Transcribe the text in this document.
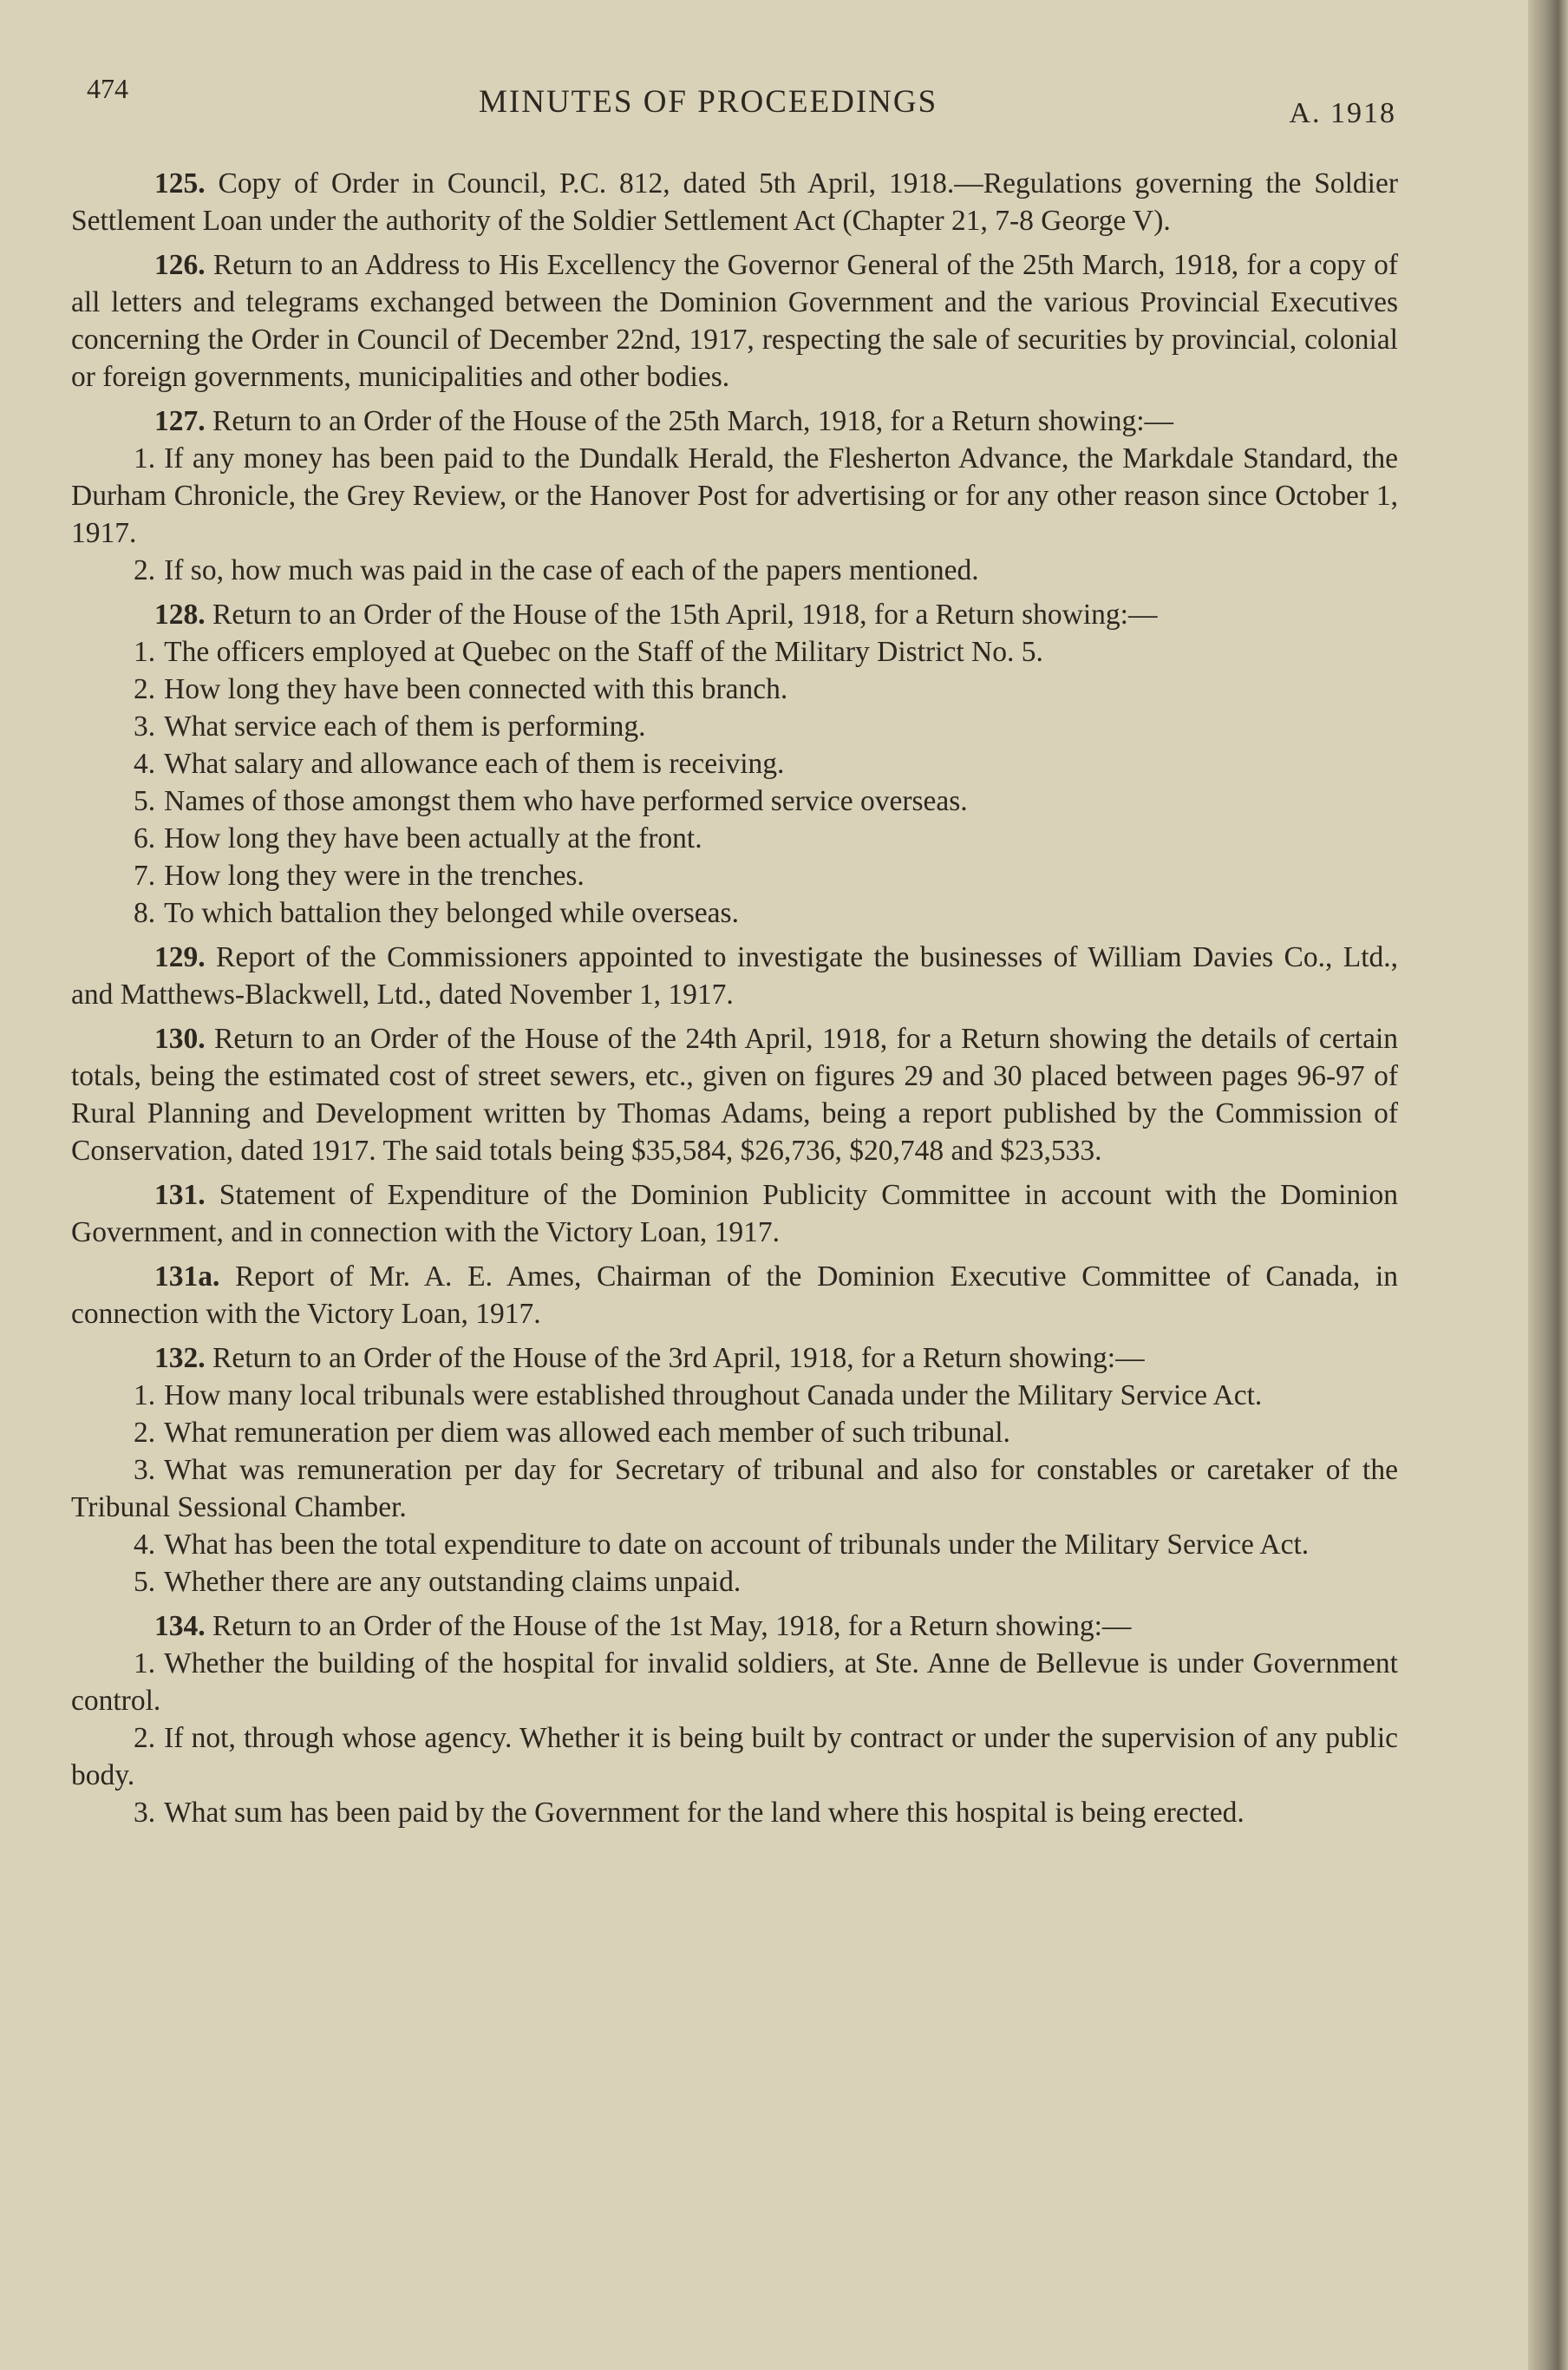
474	MINUTES OF PROCEEDINGS	A. 1918

125. Copy of Order in Council, P.C. 812, dated 5th April, 1918.—Regulations governing the Soldier Settlement Loan under the authority of the Soldier Settlement Act (Chapter 21, 7-8 George V).

126. Return to an Address to His Excellency the Governor General of the 25th March, 1918, for a copy of all letters and telegrams exchanged between the Dominion Government and the various Provincial Executives concerning the Order in Council of December 22nd, 1917, respecting the sale of securities by provincial, colonial or foreign governments, municipalities and other bodies.

127. Return to an Order of the House of the 25th March, 1918, for a Return showing:—

1. If any money has been paid to the Dundalk Herald, the Flesherton Advance, the Markdale Standard, the Durham Chronicle, the Grey Review, or the Hanover Post for advertising or for any other reason since October 1, 1917.
2. If so, how much was paid in the case of each of the papers mentioned.

128. Return to an Order of the House of the 15th April, 1918, for a Return showing:—

1. The officers employed at Quebec on the Staff of the Military District No. 5.
2. How long they have been connected with this branch.
3. What service each of them is performing.
4. What salary and allowance each of them is receiving.
5. Names of those amongst them who have performed service overseas.
6. How long they have been actually at the front.
7. How long they were in the trenches.
8. To which battalion they belonged while overseas.

129. Report of the Commissioners appointed to investigate the businesses of William Davies Co., Ltd., and Matthews-Blackwell, Ltd., dated November 1, 1917.

130. Return to an Order of the House of the 24th April, 1918, for a Return showing the details of certain totals, being the estimated cost of street sewers, etc., given on figures 29 and 30 placed between pages 96-97 of Rural Planning and Development written by Thomas Adams, being a report published by the Commission of Conservation, dated 1917. The said totals being $35,584, $26,736, $20,748 and $23,533.

131. Statement of Expenditure of the Dominion Publicity Committee in account with the Dominion Government, and in connection with the Victory Loan, 1917.

131a. Report of Mr. A. E. Ames, Chairman of the Dominion Executive Committee of Canada, in connection with the Victory Loan, 1917.

132. Return to an Order of the House of the 3rd April, 1918, for a Return showing:—

1. How many local tribunals were established throughout Canada under the Military Service Act.
2. What remuneration per diem was allowed each member of such tribunal.
3. What was remuneration per day for Secretary of tribunal and also for constables or caretaker of the Tribunal Sessional Chamber.
4. What has been the total expenditure to date on account of tribunals under the Military Service Act.
5. Whether there are any outstanding claims unpaid.

134. Return to an Order of the House of the 1st May, 1918, for a Return showing:—

1. Whether the building of the hospital for invalid soldiers, at Ste. Anne de Bellevue is under Government control.
2. If not, through whose agency. Whether it is being built by contract or under the supervision of any public body.
3. What sum has been paid by the Government for the land where this hospital is being erected.
